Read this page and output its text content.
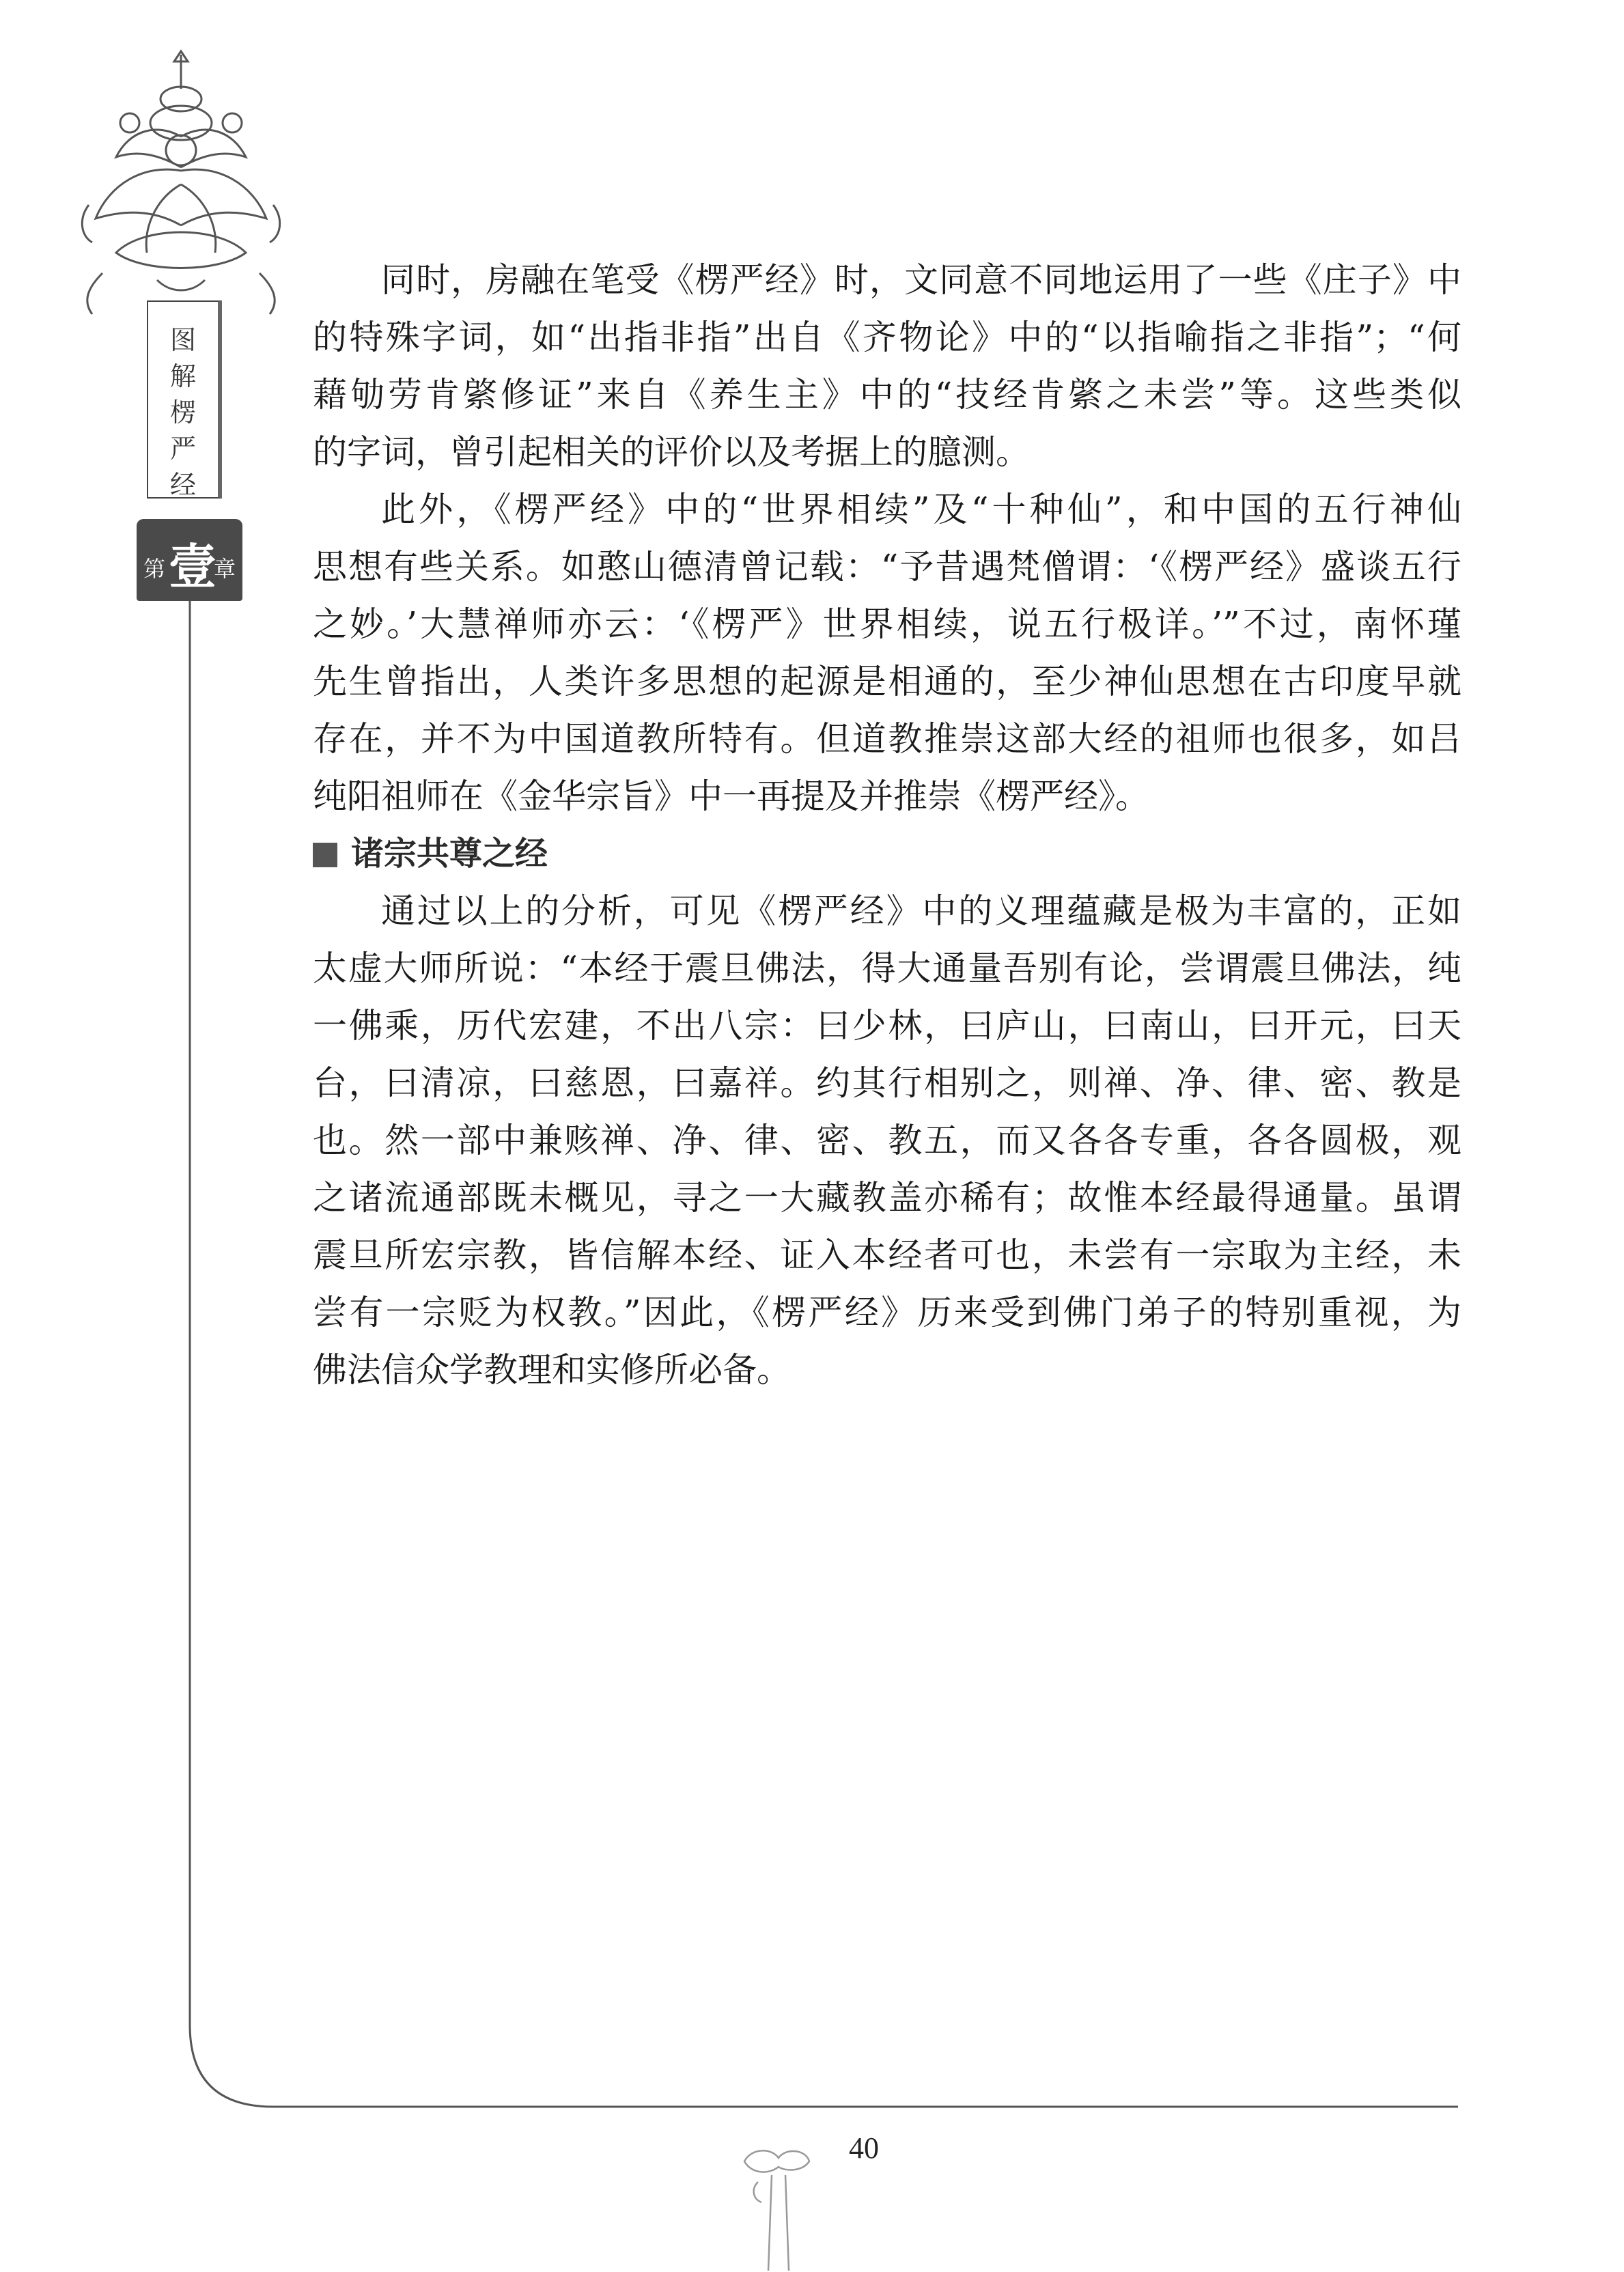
图
解
楞
严
经
第 壹
章
同时，房融在笔受《楞严经》时，文同意不同地运用了一些《庄子》中
的特殊字词，如“出指非指”出自《齐物论》中的“以指喻指之非指”；“何
藉劬劳肯綮修证”来自《养生主》中的“技经肯綮之未尝”等。这些类似
的字词，曾引起相关的评价以及考据上的臆测。
此外，《楞严经》中的“世界相续”及“十种仙”，和中国的五行神仙
思想有些关系。如憨山德清曾记载：“予昔遇梵僧谓：‘《楞严经》盛谈五行
之妙。’大慧禅师亦云：‘《楞严》世界相续，说五行极详。’”不过，南怀瑾
先生曾指出，人类许多思想的起源是相通的，至少神仙思想在古印度早就
存在，并不为中国道教所特有。但道教推崇这部大经的祖师也很多，如吕
纯阳祖师在《金华宗旨》中一再提及并推崇《楞严经》。
诸宗共尊之经
通过以上的分析，可见《楞严经》中的义理蕴藏是极为丰富的，正如
太虚大师所说：“本经于震旦佛法，得大通量吾别有论，尝谓震旦佛法，纯
一佛乘，历代宏建，不出八宗：曰少林，曰庐山，曰南山，曰开元，曰天
台，曰清凉，曰慈恩，曰嘉祥。约其行相别之，则禅、净、律、密、教是
也。然一部中兼赅禅、净、律、密、教五，而又各各专重，各各圆极，观
之诸流通部既未概见，寻之一大藏教盖亦稀有；故惟本经最得通量。虽谓
震旦所宏宗教，皆信解本经、证入本经者可也，未尝有一宗取为主经，未
尝有一宗贬为权教。”因此，《楞严经》历来受到佛门弟子的特别重视，为
佛法信众学教理和实修所必备。
40
